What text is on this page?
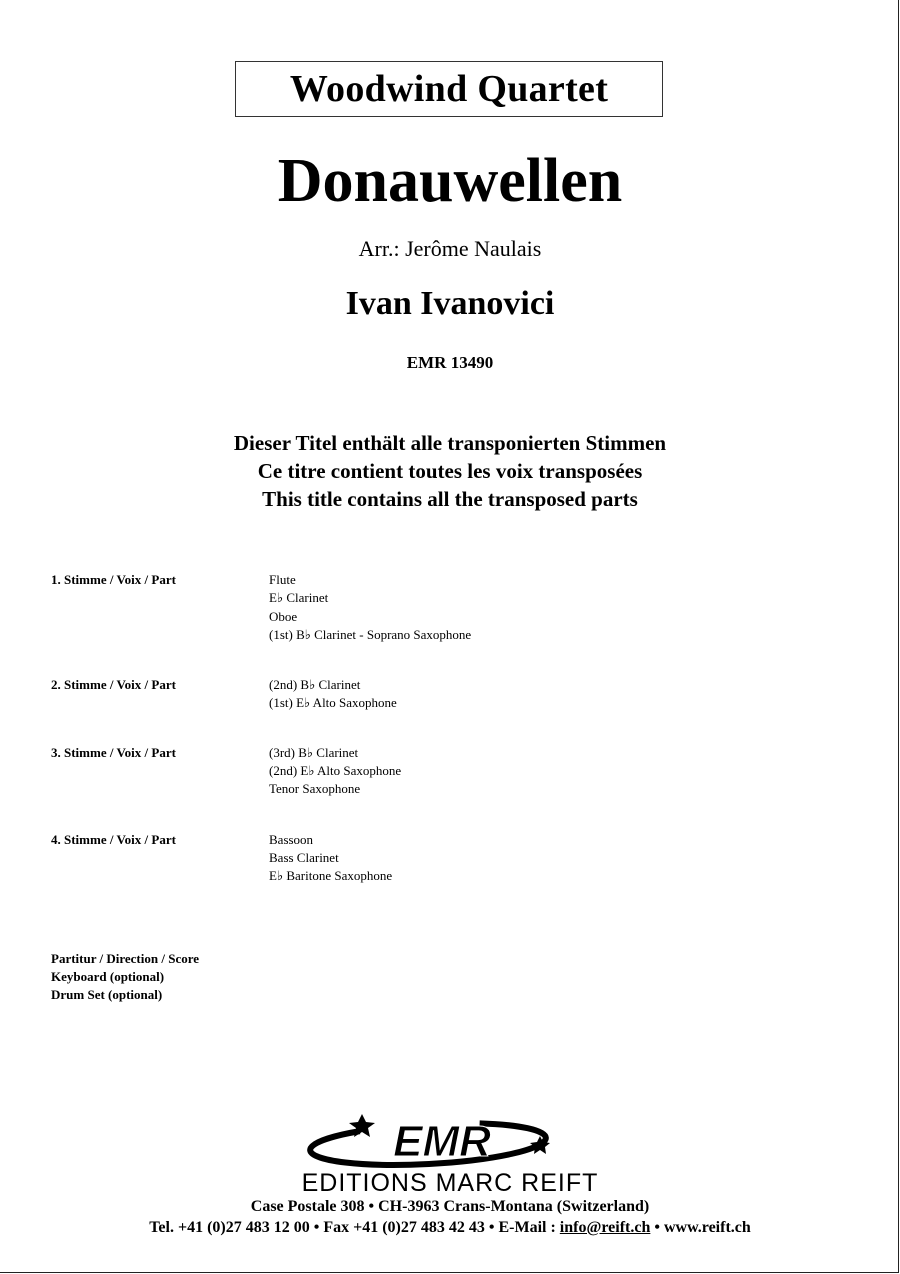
Woodwind Quartet
Donauwellen
Arr.: Jerôme Naulais
Ivan Ivanovici
EMR 13490
Dieser Titel enthält alle transponierten Stimmen
Ce titre contient toutes les voix transposées
This title contains all the transposed parts
1. Stimme / Voix / Part	Flute
E♭ Clarinet
Oboe
(1st) B♭ Clarinet - Soprano Saxophone
2. Stimme / Voix / Part	(2nd) B♭ Clarinet
(1st) E♭ Alto Saxophone
3. Stimme / Voix / Part	(3rd) B♭ Clarinet
(2nd) E♭ Alto Saxophone
Tenor Saxophone
4. Stimme / Voix / Part	Bassoon
Bass Clarinet
E♭ Baritone Saxophone
Partitur / Direction / Score
Keyboard (optional)
Drum Set (optional)
EMR
EDITIONS MARC REIFT
Case Postale 308 • CH-3963 Crans-Montana (Switzerland)
Tel. +41 (0)27 483 12 00 • Fax +41 (0)27 483 42 43 • E-Mail : info@reift.ch • www.reift.ch
